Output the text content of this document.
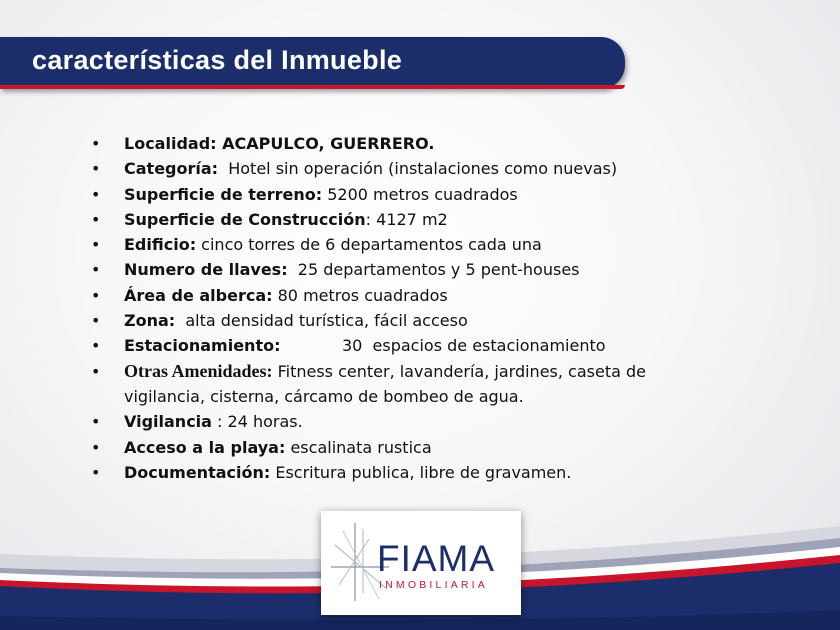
características del Inmueble
• Localidad: ACAPULCO, GUERRERO.
• Categoría:  Hotel sin operación (instalaciones como nuevas)
• Superficie de terreno: 5200 metros cuadrados
• Superficie de Construcción: 4127 m2
• Edificio: cinco torres de 6 departamentos cada una
• Numero de llaves:  25 departamentos y 5 pent-houses
• Área de alberca: 80 metros cuadrados
• Zona:  alta densidad turística, fácil acceso
• Estacionamiento:	30  espacios de estacionamiento
• Otras Amenidades: Fitness center, lavandería, jardines, caseta de vigilancia, cisterna, cárcamo de bombeo de agua.
• Vigilancia : 24 horas.
• Acceso a la playa: escalinata rustica
• Documentación: Escritura publica, libre de gravamen.
FIAMA
INMOBILIARIA
